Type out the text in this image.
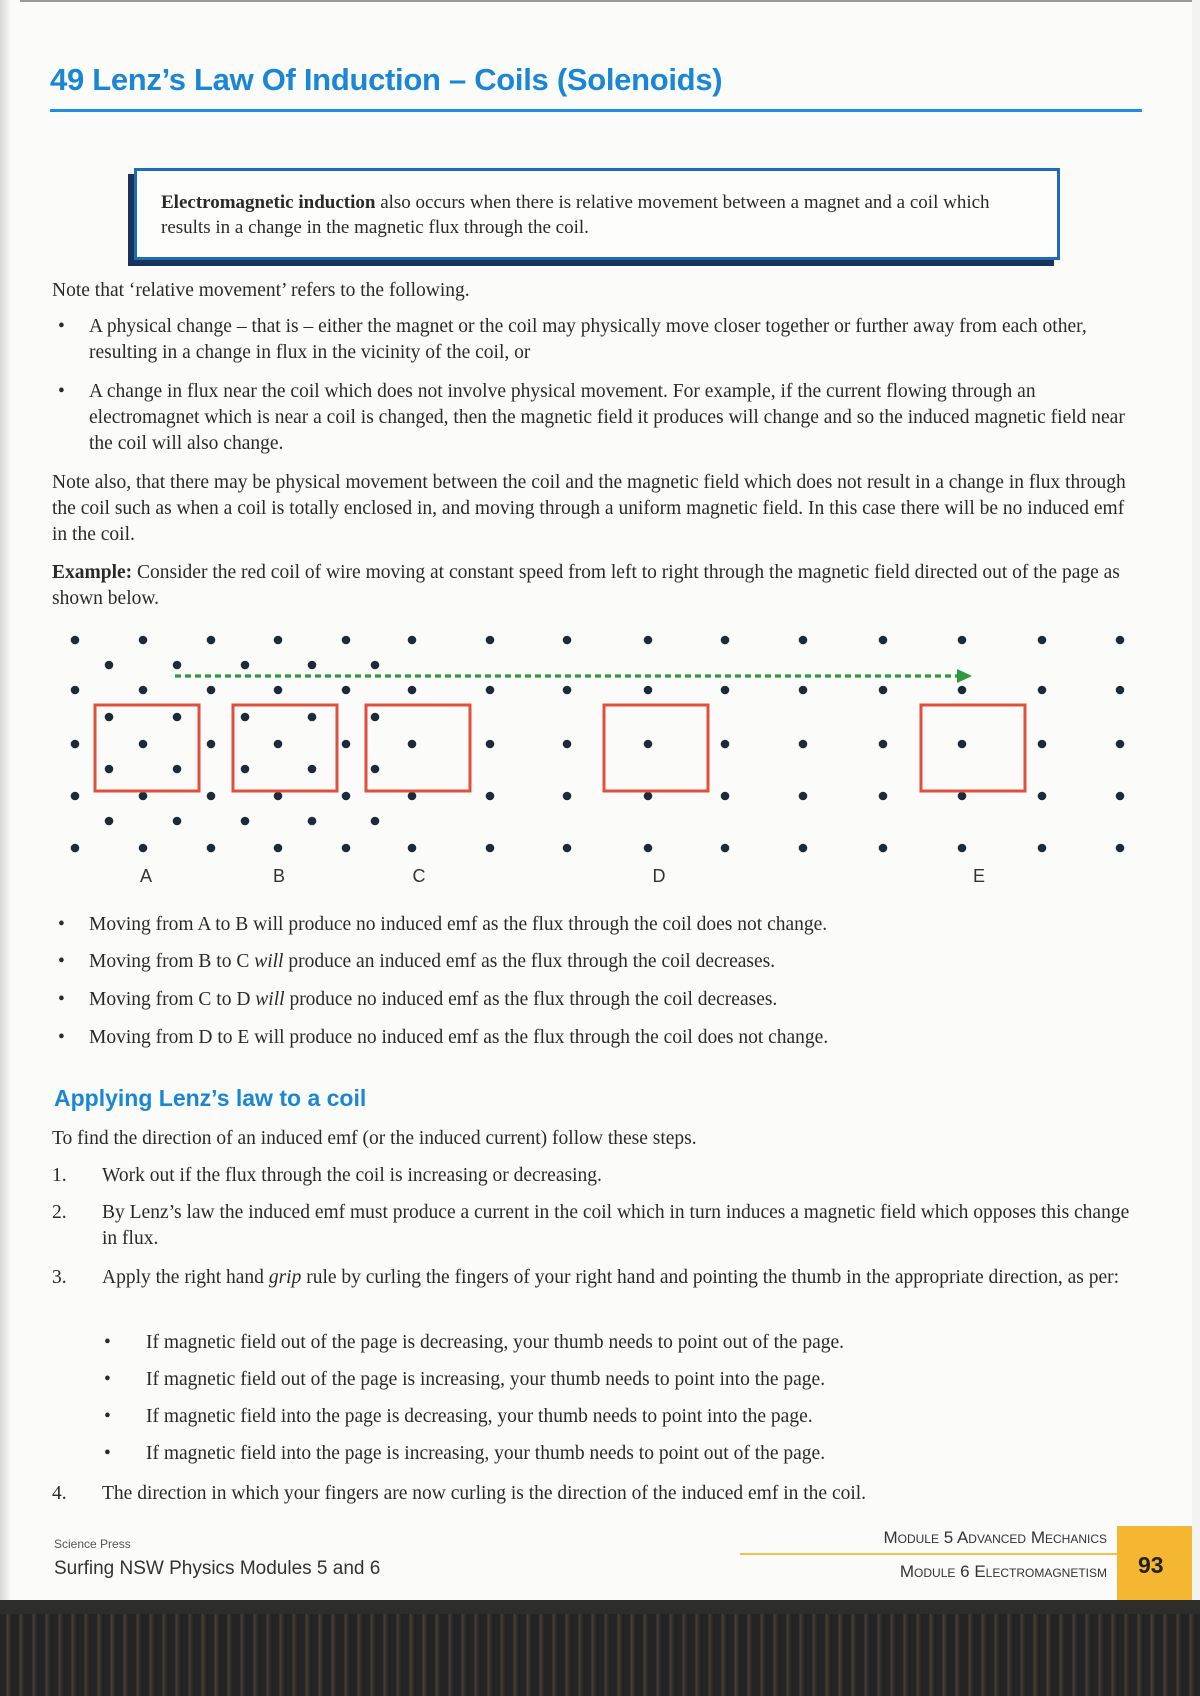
49 Lenz’s Law Of Induction – Coils (Solenoids)

Electromagnetic induction also occurs when there is relative movement between a magnet and a coil which results in a change in the magnetic flux through the coil.

Note that ‘relative movement’ refers to the following.

• A physical change – that is – either the magnet or the coil may physically move closer together or further away from each other, resulting in a change in flux in the vicinity of the coil, or
• A change in flux near the coil which does not involve physical movement. For example, if the current flowing through an electromagnet which is near a coil is changed, then the magnetic field it produces will change and so the induced magnetic field near the coil will also change.

Note also, that there may be physical movement between the coil and the magnetic field which does not result in a change in flux through the coil such as when a coil is totally enclosed in, and moving through a uniform magnetic field. In this case there will be no induced emf in the coil.

Example: Consider the red coil of wire moving at constant speed from left to right through the magnetic field directed out of the page as shown below.

A	B	C	D	E
• Moving from A to B will produce no induced emf as the flux through the coil does not change.
• Moving from B to C will produce an induced emf as the flux through the coil decreases.
• Moving from C to D will produce no induced emf as the flux through the coil decreases.
• Moving from D to E will produce no induced emf as the flux through the coil does not change.
Applying Lenz’s law to a coil

To find the direction of an induced emf (or the induced current) follow these steps.

1. Work out if the flux through the coil is increasing or decreasing.
2. By Lenz’s law the induced emf must produce a current in the coil which in turn induces a magnetic field which opposes this change in flux.
3. Apply the right hand grip rule by curling the fingers of your right hand and pointing the thumb in the appropriate direction, as per:
• If magnetic field out of the page is decreasing, your thumb needs to point out of the page.
• If magnetic field out of the page is increasing, your thumb needs to point into the page.
• If magnetic field into the page is decreasing, your thumb needs to point into the page.
• If magnetic field into the page is increasing, your thumb needs to point out of the page.
4. The direction in which your fingers are now curling is the direction of the induced emf in the coil.
Science Press
Surfing NSW Physics Modules 5 and 6
Module 5 Advanced Mechanics
Module 6 Electromagnetism 93
